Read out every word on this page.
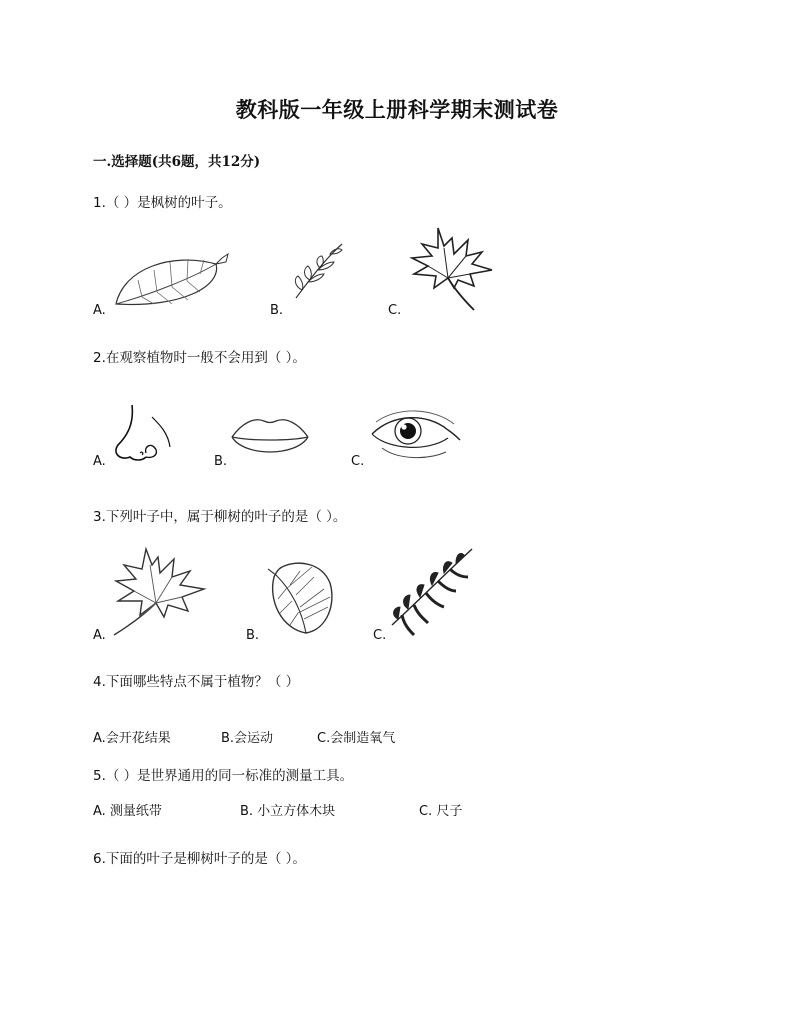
教科版一年级上册科学期末测试卷
一.选择题(共6题，共12分)
1.（ ）是枫树的叶子。
A.	B.	C.
2.在观察植物时一般不会用到（ ）。
A.	B.	C.
3.下列叶子中，属于柳树的叶子的是（ ）。
A.	B.	C.
4.下面哪些特点不属于植物？（ ）
A.会开花结果	B.会运动	C.会制造氧气
5.（ ）是世界通用的同一标准的测量工具。
A. 测量纸带	B. 小立方体木块	C. 尺子
6.下面的叶子是柳树叶子的是（ ）。
